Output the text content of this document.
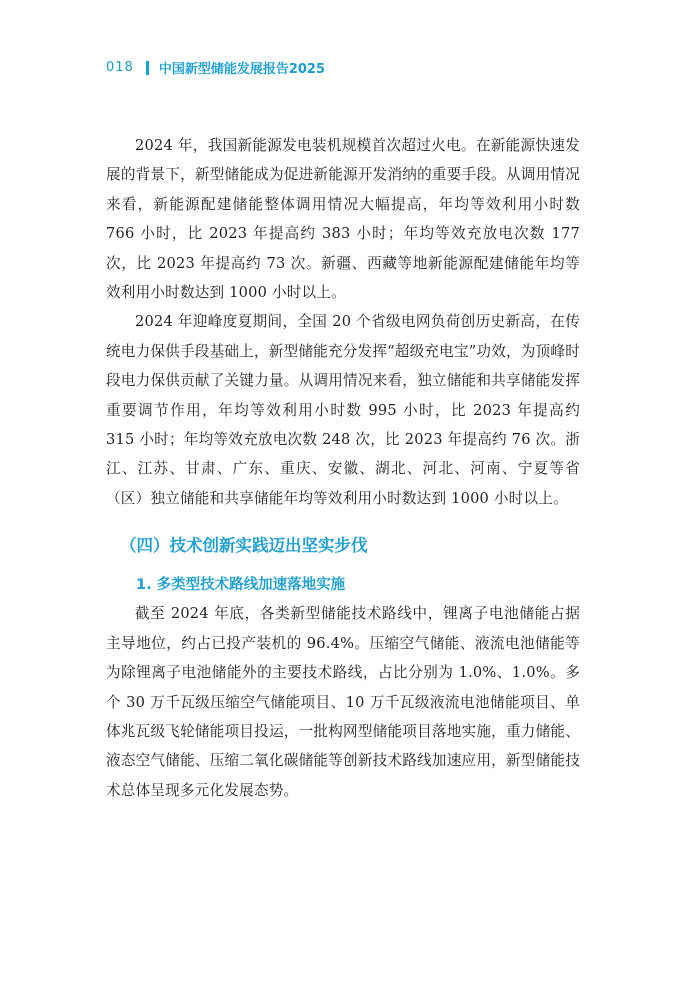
018 中国新型储能发展报告2025

2024 年，我国新能源发电装机规模首次超过火电。在新能源快速发展的背景下，新型储能成为促进新能源开发消纳的重要手段。从调用情况来看，新能源配建储能整体调用情况大幅提高，年均等效利用小时数 766 小时，比 2023 年提高约 383 小时；年均等效充放电次数 177 次，比 2023 年提高约 73 次。新疆、西藏等地新能源配建储能年均等效利用小时数达到 1000 小时以上。

2024 年迎峰度夏期间，全国 20 个省级电网负荷创历史新高，在传统电力保供手段基础上，新型储能充分发挥“超级充电宝”功效，为顶峰时段电力保供贡献了关键力量。从调用情况来看，独立储能和共享储能发挥重要调节作用，年均等效利用小时数 995 小时，比 2023 年提高约 315 小时；年均等效充放电次数 248 次，比 2023 年提高约 76 次。浙江、江苏、甘肃、广东、重庆、安徽、湖北、河北、河南、宁夏等省（区）独立储能和共享储能年均等效利用小时数达到 1000 小时以上。

（四）技术创新实践迈出坚实步伐
1. 多类型技术路线加速落地实施

截至 2024 年底，各类新型储能技术路线中，锂离子电池储能占据主导地位，约占已投产装机的 96.4%。压缩空气储能、液流电池储能等为除锂离子电池储能外的主要技术路线，占比分别为 1.0%、1.0%。多个 30 万千瓦级压缩空气储能项目、10 万千瓦级液流电池储能项目、单体兆瓦级飞轮储能项目投运，一批构网型储能项目落地实施，重力储能、液态空气储能、压缩二氧化碳储能等创新技术路线加速应用，新型储能技术总体呈现多元化发展态势。
